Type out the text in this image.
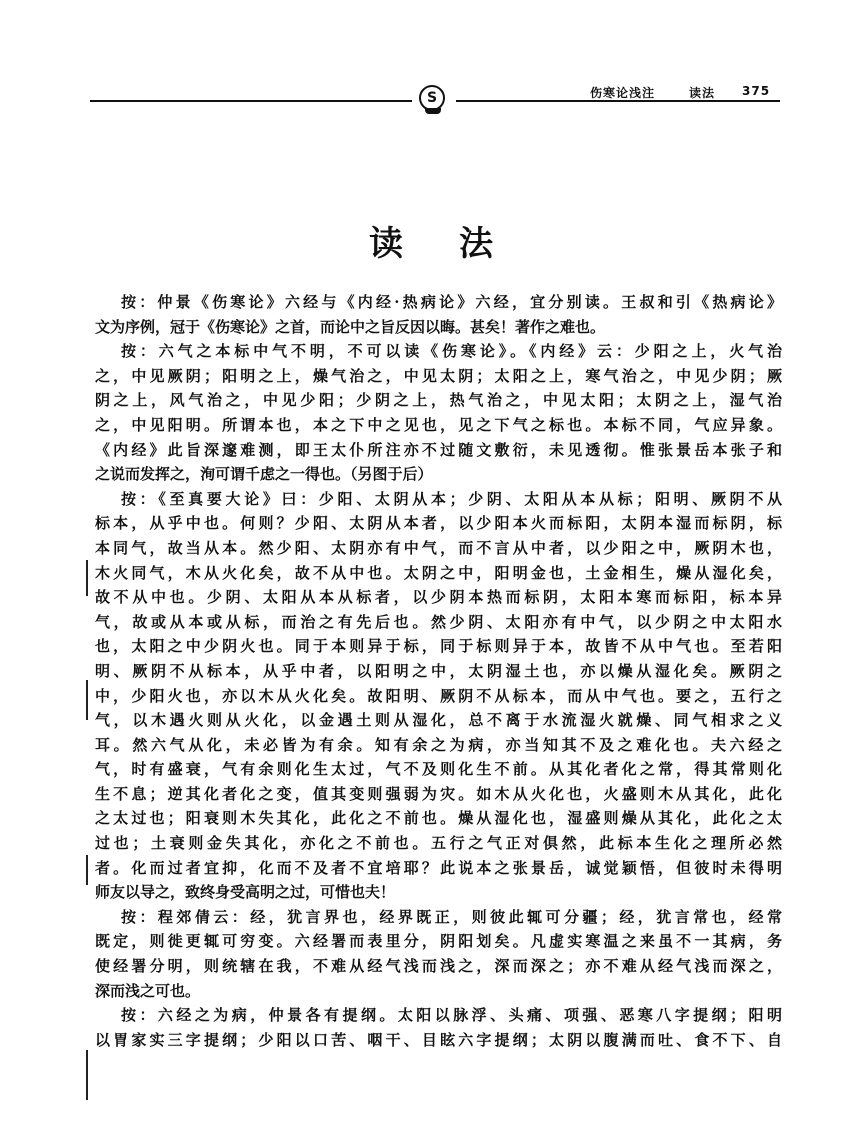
S	伤寒论浅注	读法 375
读 法
按：仲景《伤寒论》六经与《内经·热病论》六经，宜分别读。王叔和引《热病论》
文为序例，冠于《伤寒论》之首，而论中之旨反因以晦。甚矣！著作之难也。
按：六气之本标中气不明，不可以读《伤寒论》。《内经》云：少阳之上，火气治
之，中见厥阴；阳明之上，燥气治之，中见太阴；太阳之上，寒气治之，中见少阴；厥
阴之上，风气治之，中见少阳；少阴之上，热气治之，中见太阳；太阴之上，湿气治
之，中见阳明。所谓本也，本之下中之见也，见之下气之标也。本标不同，气应异象。
《内经》此旨深邃难测，即王太仆所注亦不过随文敷衍，未见透彻。惟张景岳本张子和
之说而发挥之，洵可谓千虑之一得也。（另图于后）
按：《至真要大论》曰：少阳、太阴从本；少阴、太阳从本从标；阳明、厥阴不从
标本，从乎中也。何则？少阳、太阴从本者，以少阳本火而标阳，太阴本湿而标阴，标
本同气，故当从本。然少阳、太阴亦有中气，而不言从中者，以少阳之中，厥阴木也，
木火同气，木从火化矣，故不从中也。太阴之中，阳明金也，土金相生，燥从湿化矣，
故不从中也。少阴、太阳从本从标者，以少阴本热而标阴，太阳本寒而标阳，标本异
气，故或从本或从标，而治之有先后也。然少阴、太阳亦有中气，以少阴之中太阳水
也，太阳之中少阴火也。同于本则异于标，同于标则异于本，故皆不从中气也。至若阳
明、厥阴不从标本，从乎中者，以阳明之中，太阴湿土也，亦以燥从湿化矣。厥阴之
中，少阳火也，亦以木从火化矣。故阳明、厥阴不从标本，而从中气也。要之，五行之
气，以木遇火则从火化，以金遇土则从湿化，总不离于水流湿火就燥、同气相求之义
耳。然六气从化，未必皆为有余。知有余之为病，亦当知其不及之难化也。夫六经之
气，时有盛衰，气有余则化生太过，气不及则化生不前。从其化者化之常，得其常则化
生不息；逆其化者化之变，值其变则强弱为灾。如木从火化也，火盛则木从其化，此化
之太过也；阳衰则木失其化，此化之不前也。燥从湿化也，湿盛则燥从其化，此化之太
过也；土衰则金失其化，亦化之不前也。五行之气正对俱然，此标本生化之理所必然
者。化而过者宜抑，化而不及者不宜培耶？此说本之张景岳，诚觉颖悟，但彼时未得明
师友以导之，致终身受高明之过，可惜也夫！
按：程郊倩云：经，犹言界也，经界既正，则彼此辄可分疆；经，犹言常也，经常
既定，则徙更辄可穷变。六经署而表里分，阴阳划矣。凡虚实寒温之来虽不一其病，务
使经署分明，则统辖在我，不难从经气浅而浅之，深而深之；亦不难从经气浅而深之，
深而浅之可也。
按：六经之为病，仲景各有提纲。太阳以脉浮、头痛、项强、恶寒八字提纲；阳明
以胃家实三字提纲；少阳以口苦、咽干、目眩六字提纲；太阴以腹满而吐、食不下、自
